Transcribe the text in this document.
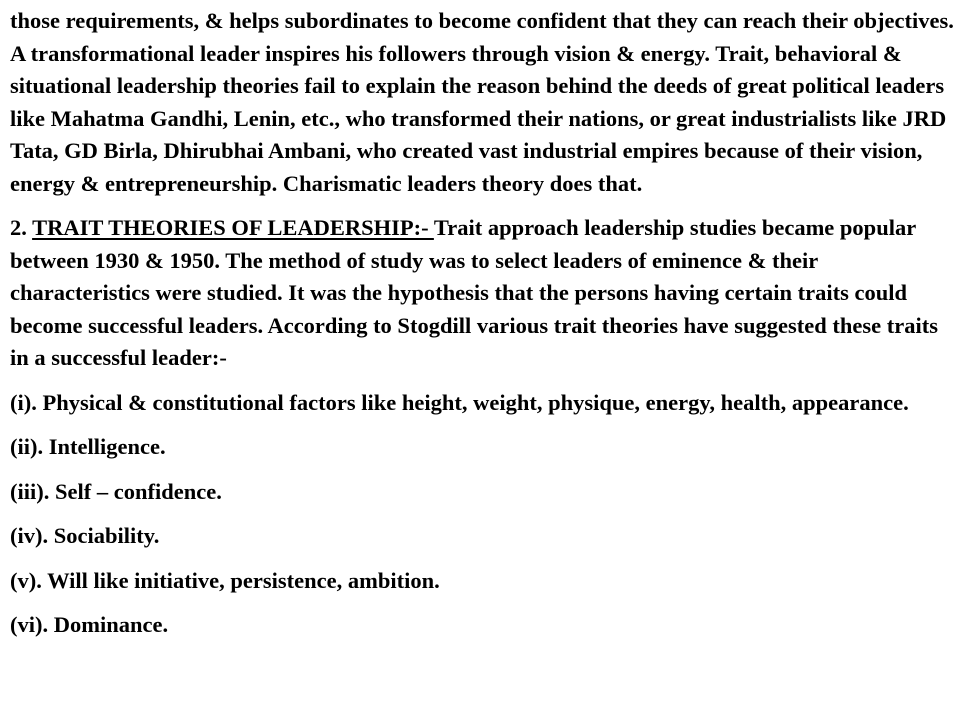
those requirements, & helps subordinates to become confident that they can reach their objectives. A transformational leader inspires his followers through vision & energy. Trait, behavioral & situational leadership theories fail to explain the reason behind the deeds of great political leaders like Mahatma Gandhi, Lenin, etc., who transformed their nations, or great industrialists like JRD Tata, GD Birla, Dhirubhai Ambani, who created vast industrial empires because of their vision, energy & entrepreneurship. Charismatic leaders theory does that.

2. TRAIT THEORIES OF LEADERSHIP:- Trait approach leadership studies became popular between 1930 & 1950. The method of study was to select leaders of eminence & their characteristics were studied. It was the hypothesis that the persons having certain traits could become successful leaders. According to Stogdill various trait theories have suggested these traits in a successful leader:-

(i). Physical & constitutional factors like height, weight, physique, energy, health, appearance.

(ii). Intelligence.

(iii). Self – confidence.

(iv). Sociability.

(v). Will like initiative, persistence, ambition.

(vi). Dominance.
